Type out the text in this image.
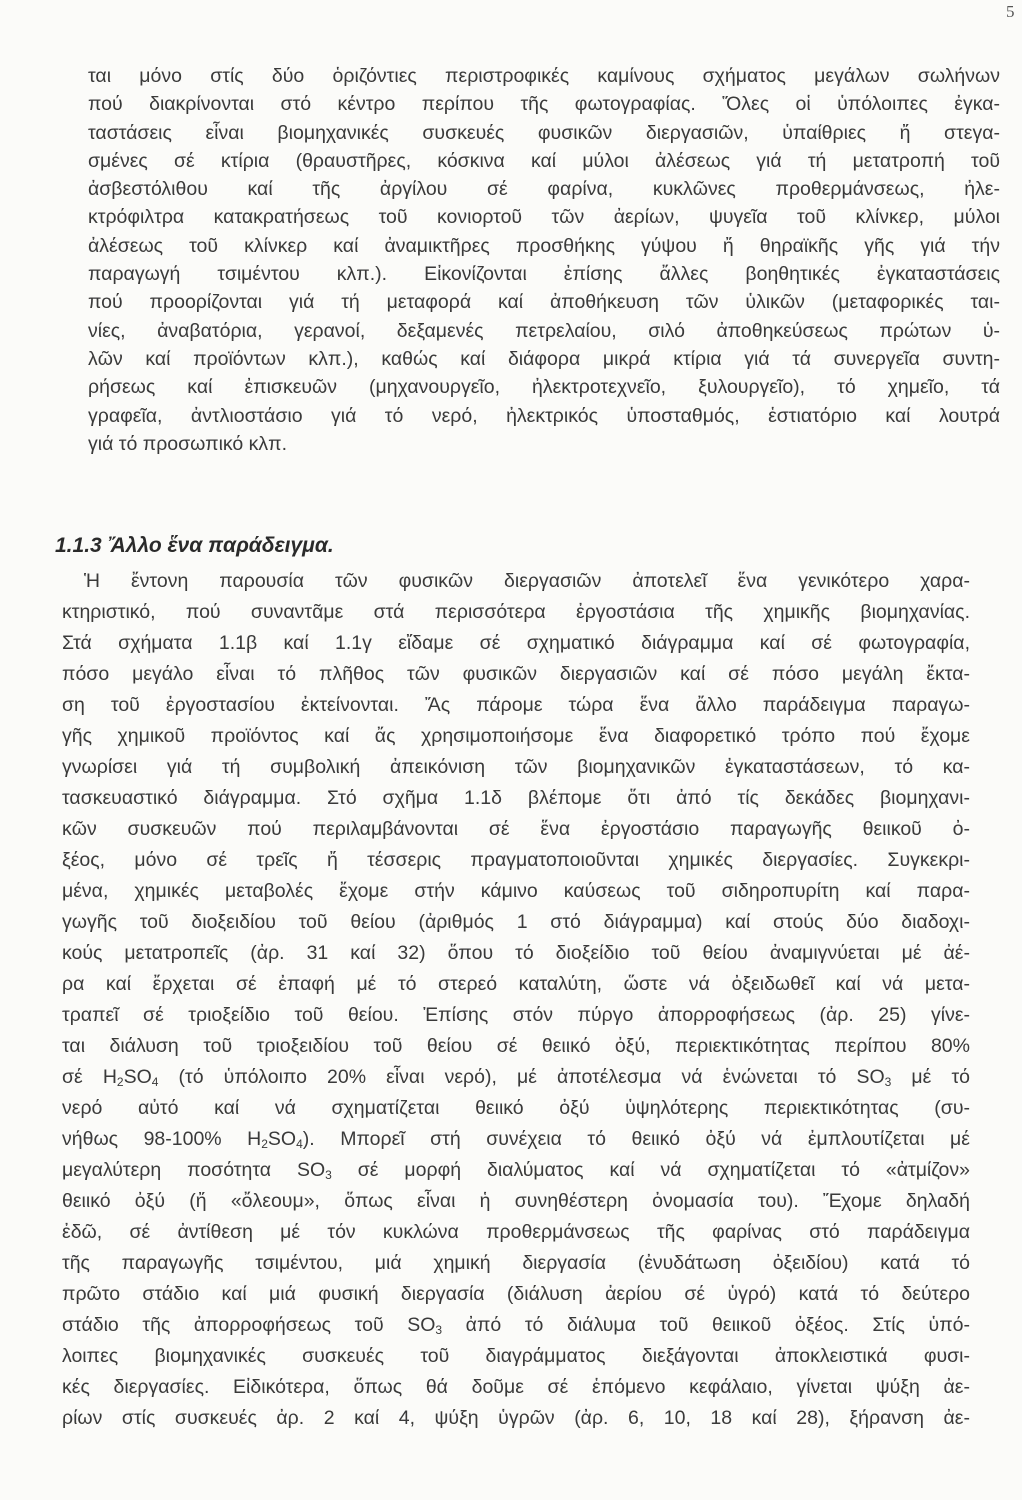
5
ται μόνο στίς δύο ὁριζόντιες περιστροφικές καμίνους σχήματος μεγάλων σωλήνων
πού διακρίνονται στό κέντρο περίπου τῆς φωτογραφίας. Ὅλες οἱ ὑπόλοιπες ἐγκα-
ταστάσεις εἶναι βιομηχανικές συσκευές φυσικῶν διεργασιῶν, ὑπαίθριες ἤ στεγα-
σμένες σέ κτίρια (θραυστῆρες, κόσκινα καί μύλοι ἀλέσεως γιά τή μετατροπή τοῦ
ἀσβεστόλιθου καί τῆς ἀργίλου σέ φαρίνα, κυκλῶνες προθερμάνσεως, ἠλε-
κτρόφιλτρα κατακρατήσεως τοῦ κονιορτοῦ τῶν ἀερίων, ψυγεῖα τοῦ κλίνκερ, μύλοι
ἀλέσεως τοῦ κλίνκερ καί ἀναμικτῆρες προσθήκης γύψου ἤ θηραϊκῆς γῆς γιά τήν
παραγωγή τσιμέντου κλπ.). Εἰκονίζονται ἐπίσης ἄλλες βοηθητικές ἐγκαταστάσεις
πού προορίζονται γιά τή μεταφορά καί ἀποθήκευση τῶν ὑλικῶν (μεταφορικές ται-
νίες, ἀναβατόρια, γερανοί, δεξαμενές πετρελαίου, σιλό ἀποθηκεύσεως πρώτων ὑ-
λῶν καί προϊόντων κλπ.), καθώς καί διάφορα μικρά κτίρια γιά τά συνεργεῖα συντη-
ρήσεως καί ἐπισκευῶν (μηχανουργεῖο, ἠλεκτροτεχνεῖο, ξυλουργεῖο), τό χημεῖο, τά
γραφεῖα, ἀντλιοστάσιο γιά τό νερό, ἠλεκτρικός ὑποσταθμός, ἑστιατόριο καί λουτρά
γιά τό προσωπικό κλπ.
1.1.3 Ἄλλο ἕνα παράδειγμα.
Ἡ ἔντονη παρουσία τῶν φυσικῶν διεργασιῶν ἀποτελεῖ ἕνα γενικότερο χαρα-
κτηριστικό, πού συναντᾶμε στά περισσότερα ἐργοστάσια τῆς χημικῆς βιομηχανίας.
Στά σχήματα 1.1β καί 1.1γ εἴδαμε σέ σχηματικό διάγραμμα καί σέ φωτογραφία,
πόσο μεγάλο εἶναι τό πλῆθος τῶν φυσικῶν διεργασιῶν καί σέ πόσο μεγάλη ἔκτα-
ση τοῦ ἐργοστασίου ἐκτείνονται. Ἄς πάρομε τώρα ἕνα ἄλλο παράδειγμα παραγω-
γῆς χημικοῦ προϊόντος καί ἄς χρησιμοποιήσομε ἕνα διαφορετικό τρόπο πού ἔχομε
γνωρίσει γιά τή συμβολική ἀπεικόνιση τῶν βιομηχανικῶν ἐγκαταστάσεων, τό κα-
τασκευαστικό διάγραμμα. Στό σχῆμα 1.1δ βλέπομε ὅτι ἀπό τίς δεκάδες βιομηχανι-
κῶν συσκευῶν πού περιλαμβάνονται σέ ἕνα ἐργοστάσιο παραγωγῆς θειικοῦ ὀ-
ξέος, μόνο σέ τρεῖς ἤ τέσσερις πραγματοποιοῦνται χημικές διεργασίες. Συγκεκρι-
μένα, χημικές μεταβολές ἔχομε στήν κάμινο καύσεως τοῦ σιδηροπυρίτη καί παρα-
γωγῆς τοῦ διοξειδίου τοῦ θείου (ἀριθμός 1 στό διάγραμμα) καί στούς δύο διαδοχι-
κούς μετατροπεῖς (ἀρ. 31 καί 32) ὅπου τό διοξείδιο τοῦ θείου ἀναμιγνύεται μέ ἀέ-
ρα καί ἔρχεται σέ ἐπαφή μέ τό στερεό καταλύτη, ὥστε νά ὀξειδωθεῖ καί νά μετα-
τραπεῖ σέ τριοξείδιο τοῦ θείου. Ἐπίσης στόν πύργο ἀπορροφήσεως (ἀρ. 25) γίνε-
ται διάλυση τοῦ τριοξειδίου τοῦ θείου σέ θειικό ὀξύ, περιεκτικότητας περίπου 80%
σέ $H_2SO_4$ (τό ὑπόλοιπο 20% εἶναι νερό), μέ ἀποτέλεσμα νά ἑνώνεται τό $SO_3$ μέ τό
νερό αὐτό καί νά σχηματίζεται θειικό ὀξύ ὑψηλότερης περιεκτικότητας (συ-
νήθως 98-100% $H_2SO_4$). Μπορεῖ στή συνέχεια τό θειικό ὀξύ νά ἐμπλουτίζεται μέ
μεγαλύτερη ποσότητα $SO_3$ σέ μορφή διαλύματος καί νά σχηματίζεται τό «ἀτμίζον»
θειικό ὀξύ (ἤ «ὄλεουμ», ὅπως εἶναι ἡ συνηθέστερη ὀνομασία του). Ἔχομε δηλαδή
ἐδῶ, σέ ἀντίθεση μέ τόν κυκλώνα προθερμάνσεως τῆς φαρίνας στό παράδειγμα
τῆς παραγωγῆς τσιμέντου, μιά χημική διεργασία (ἐνυδάτωση ὀξειδίου) κατά τό
πρῶτο στάδιο καί μιά φυσική διεργασία (διάλυση ἀερίου σέ ὑγρό) κατά τό δεύτερο
στάδιο τῆς ἀπορροφήσεως τοῦ $SO_3$ ἀπό τό διάλυμα τοῦ θειικοῦ ὀξέος. Στίς ὑπό-
λοιπες βιομηχανικές συσκευές τοῦ διαγράμματος διεξάγονται ἀποκλειστικά φυσι-
κές διεργασίες. Εἰδικότερα, ὅπως θά δοῦμε σέ ἑπόμενο κεφάλαιο, γίνεται ψύξη ἀε-
ρίων στίς συσκευές ἀρ. 2 καί 4, ψύξη ὑγρῶν (ἀρ. 6, 10, 18 καί 28), ξήρανση ἀε-
